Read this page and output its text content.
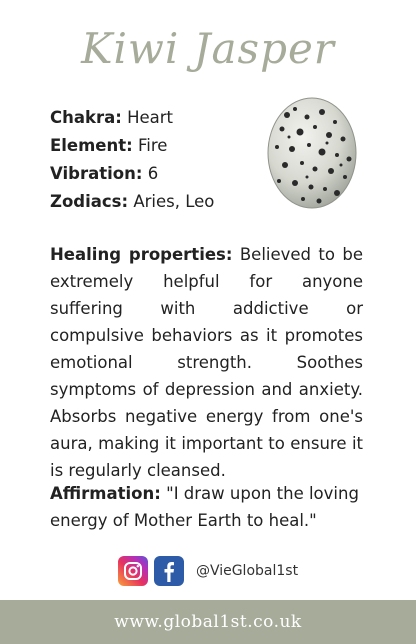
Kiwi Jasper
Chakra: Heart
Element: Fire
Vibration: 6
Zodiacs: Aries, Leo
Healing properties: Believed to be extremely helpful for anyone suffering with addictive or compulsive behaviors as it promotes emotional strength. Soothes symptoms of depression and anxiety. Absorbs negative energy from one's aura, making it important to ensure it is regularly cleansed.
Affirmation: "I draw upon the loving energy of Mother Earth to heal."
@VieGlobal1st
www.global1st.co.uk
